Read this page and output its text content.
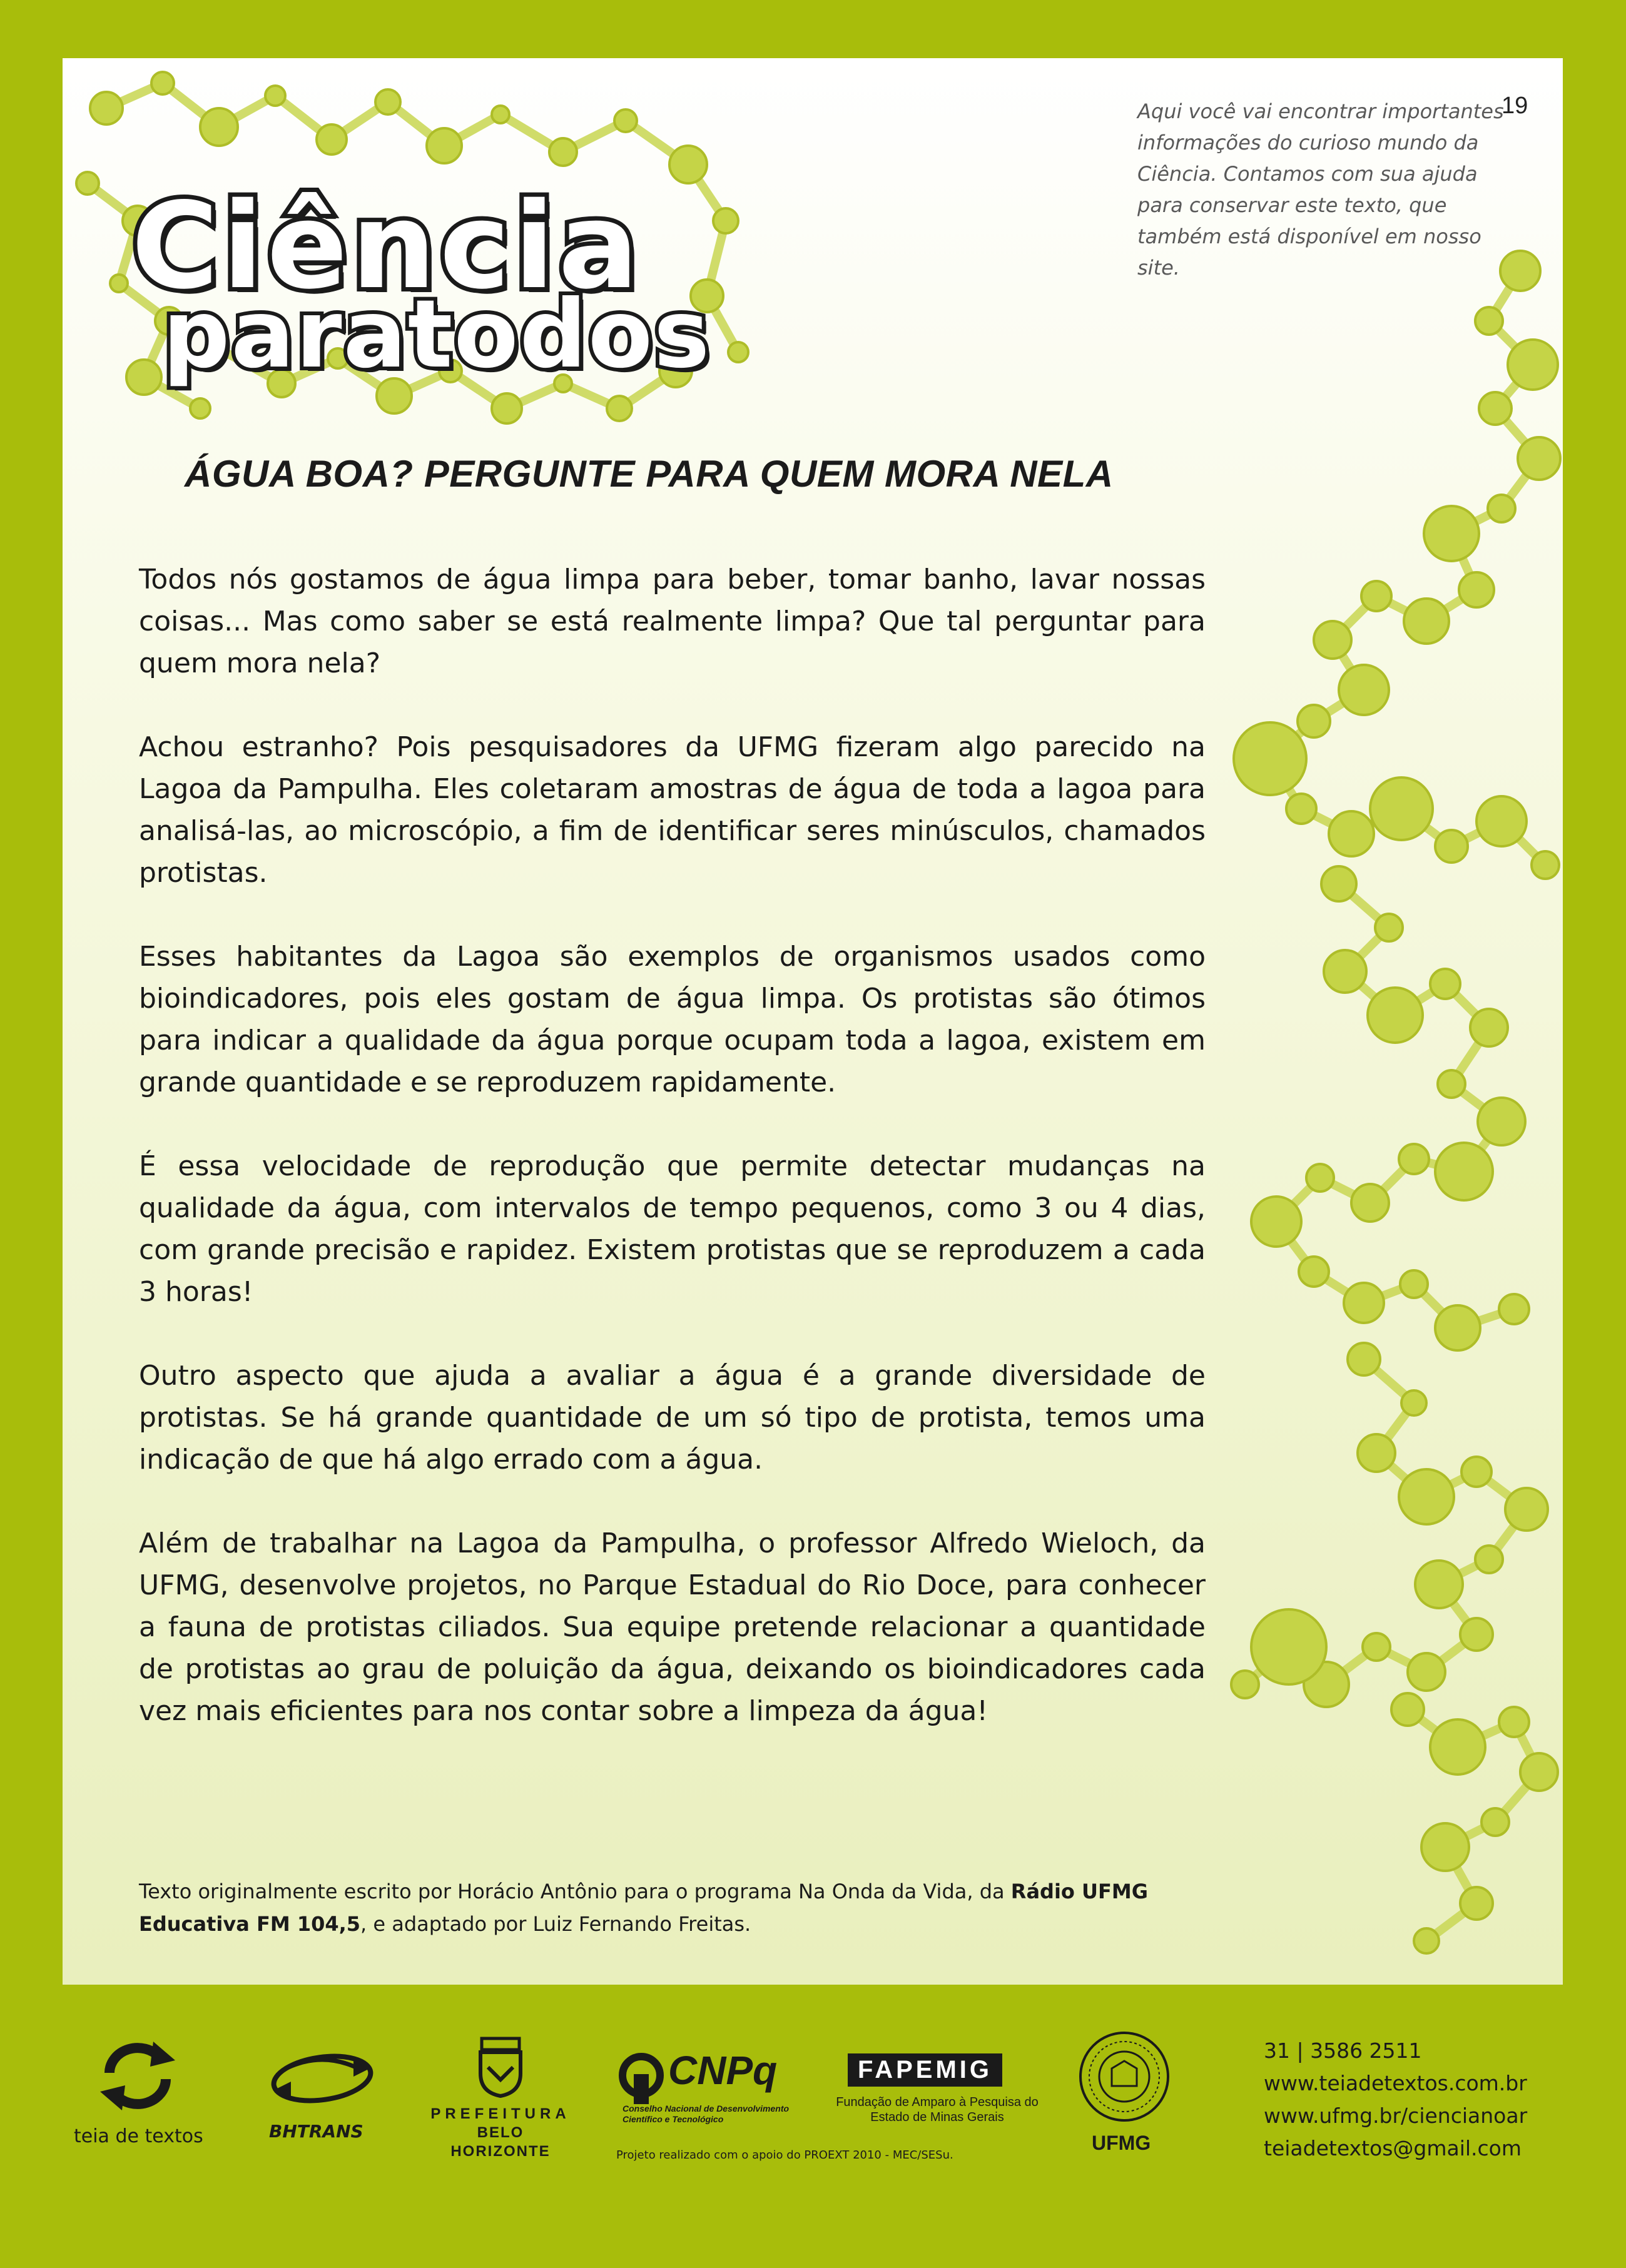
Ciência
paratodos
Aqui você vai encontrar importantes informações do curioso mundo da Ciência. Contamos com sua ajuda para conservar este texto, que também está disponível em nosso site.
19
ÁGUA BOA? PERGUNTE PARA QUEM MORA NELA

Todos nós gostamos de água limpa para beber, tomar banho, lavar nossas coisas... Mas como saber se está realmente limpa? Que tal perguntar para quem mora nela?

Achou estranho? Pois pesquisadores da UFMG fizeram algo parecido na Lagoa da Pampulha. Eles coletaram amostras de água de toda a lagoa para analisá-las, ao microscópio, a fim de identificar seres minúsculos, chamados protistas.

Esses habitantes da Lagoa são exemplos de organismos usados como bioindicadores, pois eles gostam de água limpa. Os protistas são ótimos para indicar a qualidade da água porque ocupam toda a lagoa, existem em grande quantidade e se reproduzem rapidamente.

É essa velocidade de reprodução que permite detectar mudanças na qualidade da água, com intervalos de tempo pequenos, como 3 ou 4 dias, com grande precisão e rapidez. Existem protistas que se reproduzem a cada 3 horas!

Outro aspecto que ajuda a avaliar a água é a grande diversidade de protistas. Se há grande quantidade de um só tipo de protista, temos uma indicação de que há algo errado com a água.

Além de trabalhar na Lagoa da Pampulha, o professor Alfredo Wieloch, da UFMG, desenvolve projetos, no Parque Estadual do Rio Doce, para conhecer a fauna de protistas ciliados. Sua equipe pretende relacionar a quantidade de protistas ao grau de poluição da água, deixando os bioindicadores cada vez mais eficientes para nos contar sobre a limpeza da água!

Texto originalmente escrito por Horácio Antônio para o programa Na Onda da Vida, da Rádio UFMG Educativa FM 104,5, e adaptado por Luiz Fernando Freitas.
teia de textos	BHTRANS
PREFEITURA
BELO HORIZONTE
CNPq
Conselho Nacional de Desenvolvimento
Científico e Tecnológico
FAPEMIG
Fundação de Amparo à Pesquisa do
Estado de Minas Gerais
Projeto realizado com o apoio do PROEXT 2010 - MEC/SESu.
UFMG
31 | 3586 2511
www.teiadetextos.com.br
www.ufmg.br/ciencianoar
teiadetextos@gmail.com
